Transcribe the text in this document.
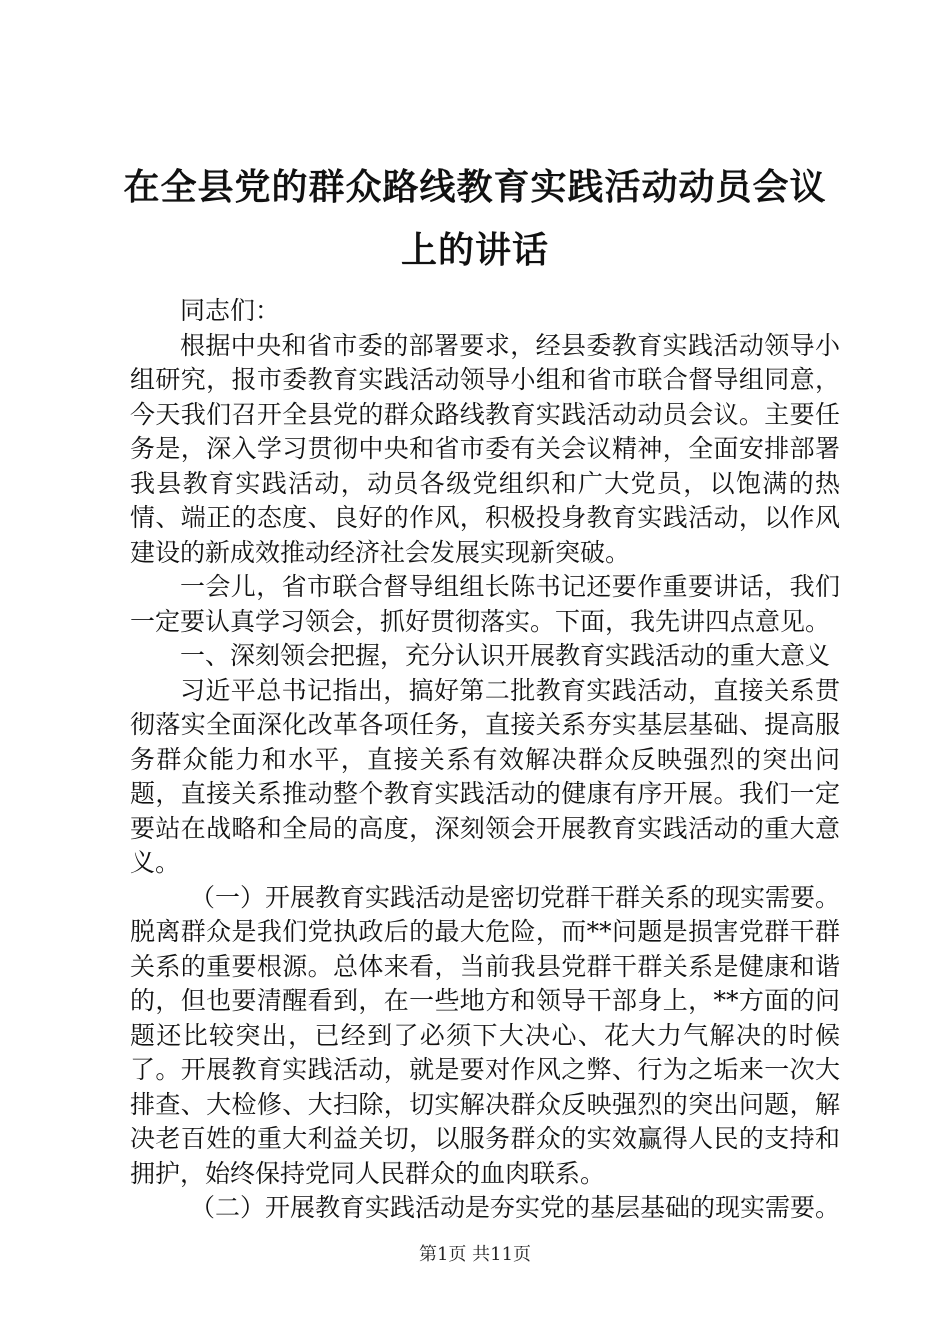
在全县党的群众路线教育实践活动动员会议上的讲话

同志们：

根据中央和省市委的部署要求，经县委教育实践活动领导小组研究，报市委教育实践活动领导小组和省市联合督导组同意，今天我们召开全县党的群众路线教育实践活动动员会议。主要任务是，深入学习贯彻中央和省市委有关会议精神，全面安排部署我县教育实践活动，动员各级党组织和广大党员，以饱满的热情、端正的态度、良好的作风，积极投身教育实践活动，以作风建设的新成效推动经济社会发展实现新突破。

一会儿，省市联合督导组组长陈书记还要作重要讲话，我们一定要认真学习领会，抓好贯彻落实。下面，我先讲四点意见。

一、深刻领会把握，充分认识开展教育实践活动的重大意义

习近平总书记指出，搞好第二批教育实践活动，直接关系贯彻落实全面深化改革各项任务，直接关系夯实基层基础、提高服务群众能力和水平，直接关系有效解决群众反映强烈的突出问题，直接关系推动整个教育实践活动的健康有序开展。我们一定要站在战略和全局的高度，深刻领会开展教育实践活动的重大意义。

（一）开展教育实践活动是密切党群干群关系的现实需要。脱离群众是我们党执政后的最大危险，而**问题是损害党群干群关系的重要根源。总体来看，当前我县党群干群关系是健康和谐的，但也要清醒看到，在一些地方和领导干部身上，**方面的问题还比较突出，已经到了必须下大决心、花大力气解决的时候了。开展教育实践活动，就是要对作风之弊、行为之垢来一次大排查、大检修、大扫除，切实解决群众反映强烈的突出问题，解决老百姓的重大利益关切，以服务群众的实效赢得人民的支持和拥护，始终保持党同人民群众的血肉联系。

（二）开展教育实践活动是夯实党的基层基础的现实需要。

第1页 共11页
